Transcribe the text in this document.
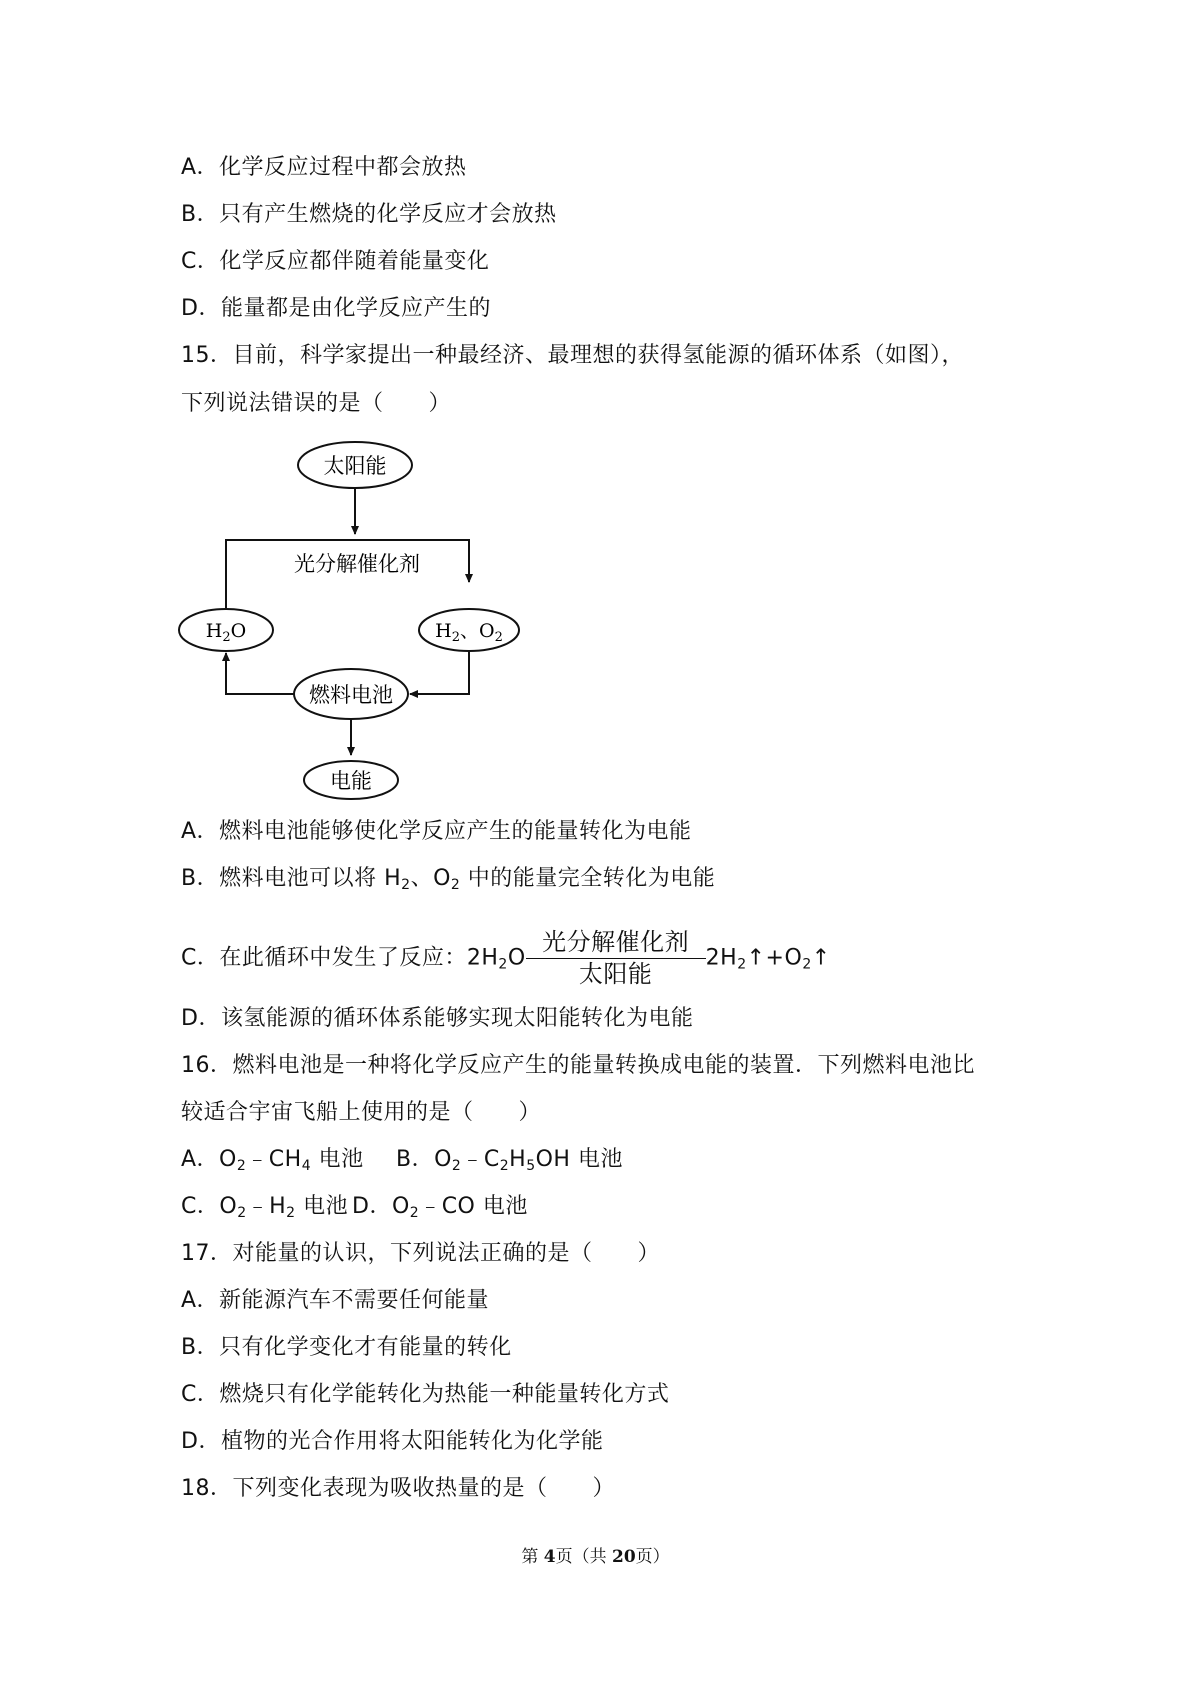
A．化学反应过程中都会放热
B．只有产生燃烧的化学反应才会放热
C．化学反应都伴随着能量变化
D．能量都是由化学反应产生的
15．目前，科学家提出一种最经济、最理想的获得氢能源的循环体系（如图），
下列说法错误的是（　　）
太阳能
光分解催化剂
$H_2O$	$H_2$、$O_2$
燃料电池
电能
A．燃料电池能够使化学反应产生的能量转化为电能
B．燃料电池可以将 $H_2$、$O_2$ 中的能量完全转化为电能
C．在此循环中发生了反应：$2H_2O \frac{\text{光分解催化剂}}{\text{太阳能}}$ $2H_2↑+O_2↑$
D．该氢能源的循环体系能够实现太阳能转化为电能
16．燃料电池是一种将化学反应产生的能量转换成电能的装置．下列燃料电池比
较适合宇宙飞船上使用的是（　　）
A．$O_2﹣CH_4$ 电池 B．$O_2﹣C_2H_5OH$ 电池
C．$O_2﹣H_2$ 电池 D．$O_2﹣CO$ 电池
17．对能量的认识，下列说法正确的是（　　）
A．新能源汽车不需要任何能量
B．只有化学变化才有能量的转化
C．燃烧只有化学能转化为热能一种能量转化方式
D．植物的光合作用将太阳能转化为化学能
18．下列变化表现为吸收热量的是（　　）
第 4页（共 20页）
